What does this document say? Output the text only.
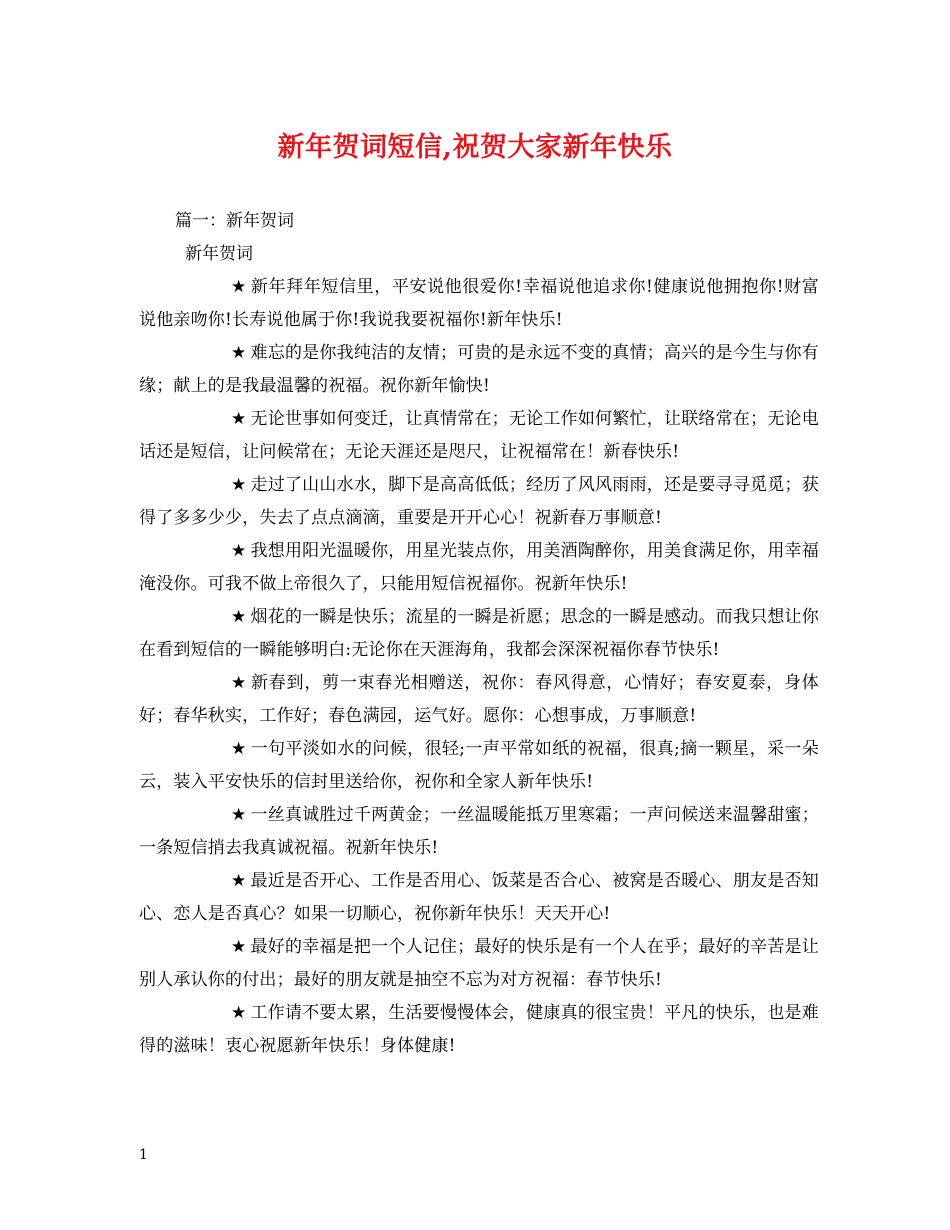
新年贺词短信,祝贺大家新年快乐

篇一：新年贺词

新年贺词

★ 新年拜年短信里，平安说他很爱你!幸福说他追求你!健康说他拥抱你!财富说他亲吻你!长寿说他属于你!我说我要祝福你!新年快乐!

★ 难忘的是你我纯洁的友情；可贵的是永远不变的真情；高兴的是今生与你有缘；献上的是我最温馨的祝福。祝你新年愉快!

★ 无论世事如何变迁，让真情常在；无论工作如何繁忙，让联络常在；无论电话还是短信，让问候常在；无论天涯还是咫尺，让祝福常在！新春快乐!

★ 走过了山山水水，脚下是高高低低；经历了风风雨雨，还是要寻寻觅觅；获得了多多少少，失去了点点滴滴，重要是开开心心！祝新春万事顺意!

★ 我想用阳光温暖你，用星光装点你，用美酒陶醉你，用美食满足你，用幸福淹没你。可我不做上帝很久了，只能用短信祝福你。祝新年快乐!

★ 烟花的一瞬是快乐；流星的一瞬是祈愿；思念的一瞬是感动。而我只想让你在看到短信的一瞬能够明白:无论你在天涯海角，我都会深深祝福你春节快乐!

★ 新春到，剪一束春光相赠送，祝你：春风得意，心情好；春安夏泰，身体好；春华秋实，工作好；春色满园，运气好。愿你：心想事成，万事顺意!

★ 一句平淡如水的问候，很轻;一声平常如纸的祝福，很真;摘一颗星，采一朵云，装入平安快乐的信封里送给你，祝你和全家人新年快乐!

★ 一丝真诚胜过千两黄金；一丝温暖能抵万里寒霜；一声问候送来温馨甜蜜；一条短信捎去我真诚祝福。祝新年快乐!

★ 最近是否开心、工作是否用心、饭菜是否合心、被窝是否暖心、朋友是否知心、恋人是否真心？如果一切顺心，祝你新年快乐！天天开心!

★ 最好的幸福是把一个人记住；最好的快乐是有一个人在乎；最好的辛苦是让别人承认你的付出；最好的朋友就是抽空不忘为对方祝福：春节快乐!

★ 工作请不要太累，生活要慢慢体会，健康真的很宝贵！平凡的快乐，也是难得的滋味！衷心祝愿新年快乐！身体健康!

1
